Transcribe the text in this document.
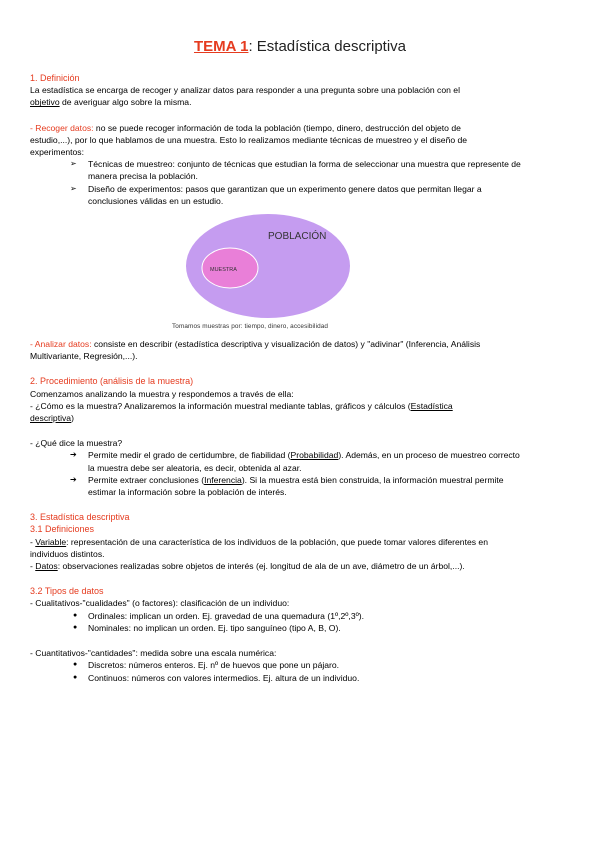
TEMA 1: Estadística descriptiva
1. Definición

La estadística se encarga de recoger y analizar datos para responder a una pregunta sobre una población con el

objetivo de averiguar algo sobre la misma.

- Recoger datos: no se puede recoger información de toda la población (tiempo, dinero, destrucción del objeto de

estudio,...), por lo que hablamos de una muestra. Esto lo realizamos mediante técnicas de muestreo y el diseño de

experimentos:

➢	Técnicas de muestreo: conjunto de técnicas que estudian la forma de seleccionar una muestra que represente de
manera precisa la población.
➢	Diseño de experimentos: pasos que garantizan que un experimento genere datos que permitan llegar a
conclusiones válidas en un estudio.
POBLACIÓN
MUESTRA
Tomamos muestras por: tiempo, dinero, accesibilidad

- Analizar datos: consiste en describir (estadística descriptiva y visualización de datos) y "adivinar" (Inferencia, Análisis

Multivariante, Regresión,...).

2. Procedimiento (análisis de la muestra)

Comenzamos analizando la muestra y respondemos a través de ella:

- ¿Cómo es la muestra? Analizaremos la información muestral mediante tablas, gráficos y cálculos (Estadística

descriptiva)

- ¿Qué dice la muestra?

➔	Permite medir el grado de certidumbre, de fiabilidad (Probabilidad). Además, en un proceso de muestreo correcto
la muestra debe ser aleatoria, es decir, obtenida al azar.
➔	Permite extraer conclusiones (Inferencia). Si la muestra está bien construida, la información muestral permite
estimar la información sobre la población de interés.
3. Estadística descriptiva
3.1 Definiciones

- Variable: representación de una característica de los individuos de la población, que puede tomar valores diferentes en

individuos distintos.

- Datos: observaciones realizadas sobre objetos de interés (ej. longitud de ala de un ave, diámetro de un árbol,...).

3.2 Tipos de datos

- Cualitativos-"cualidades" (o factores): clasificación de un individuo:

●	Ordinales: implican un orden. Ej. gravedad de una quemadura (1º,2º,3º).
●	Nominales: no implican un orden. Ej. tipo sanguíneo (tipo A, B, O).

- Cuantitativos-"cantidades": medida sobre una escala numérica:

●	Discretos: números enteros. Ej. nº de huevos que pone un pájaro.
●	Continuos: números con valores intermedios. Ej. altura de un individuo.
